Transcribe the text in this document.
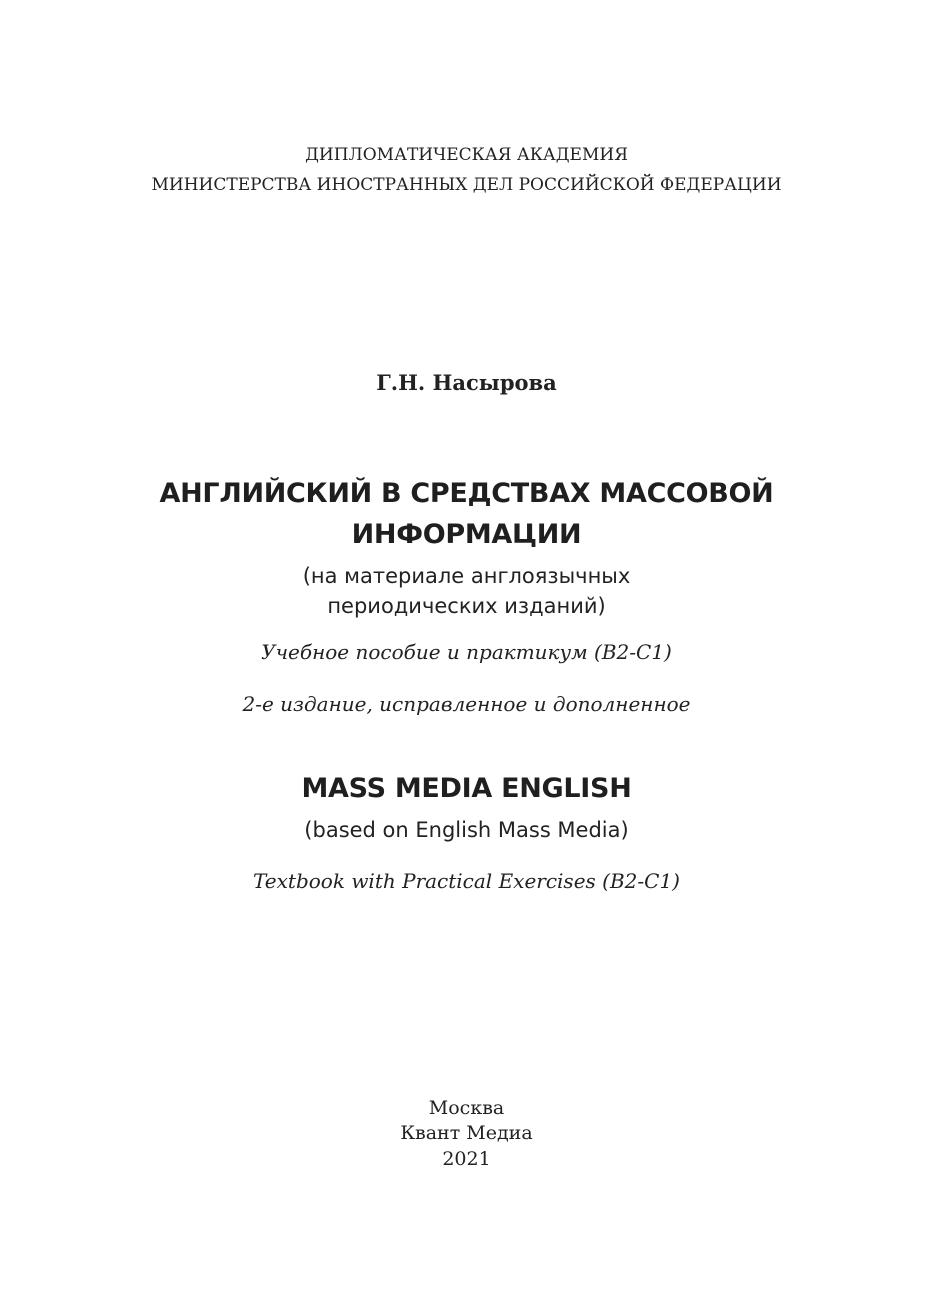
ДИПЛОМАТИЧЕСКАЯ АКАДЕМИЯ
МИНИСТЕРСТВА ИНОСТРАННЫХ ДЕЛ РОССИЙСКОЙ ФЕДЕРАЦИИ
Г.Н. Насырова
АНГЛИЙСКИЙ В СРЕДСТВАХ МАССОВОЙ
ИНФОРМАЦИИ
(на материале англоязычных
периодических изданий)
Учебное пособие и практикум (B2-C1)
2-е издание, исправленное и дополненное
MASS MEDIA ENGLISH
(based on English Mass Media)
Textbook with Practical Exercises (B2-C1)
Москва
Квант Медиа
2021
